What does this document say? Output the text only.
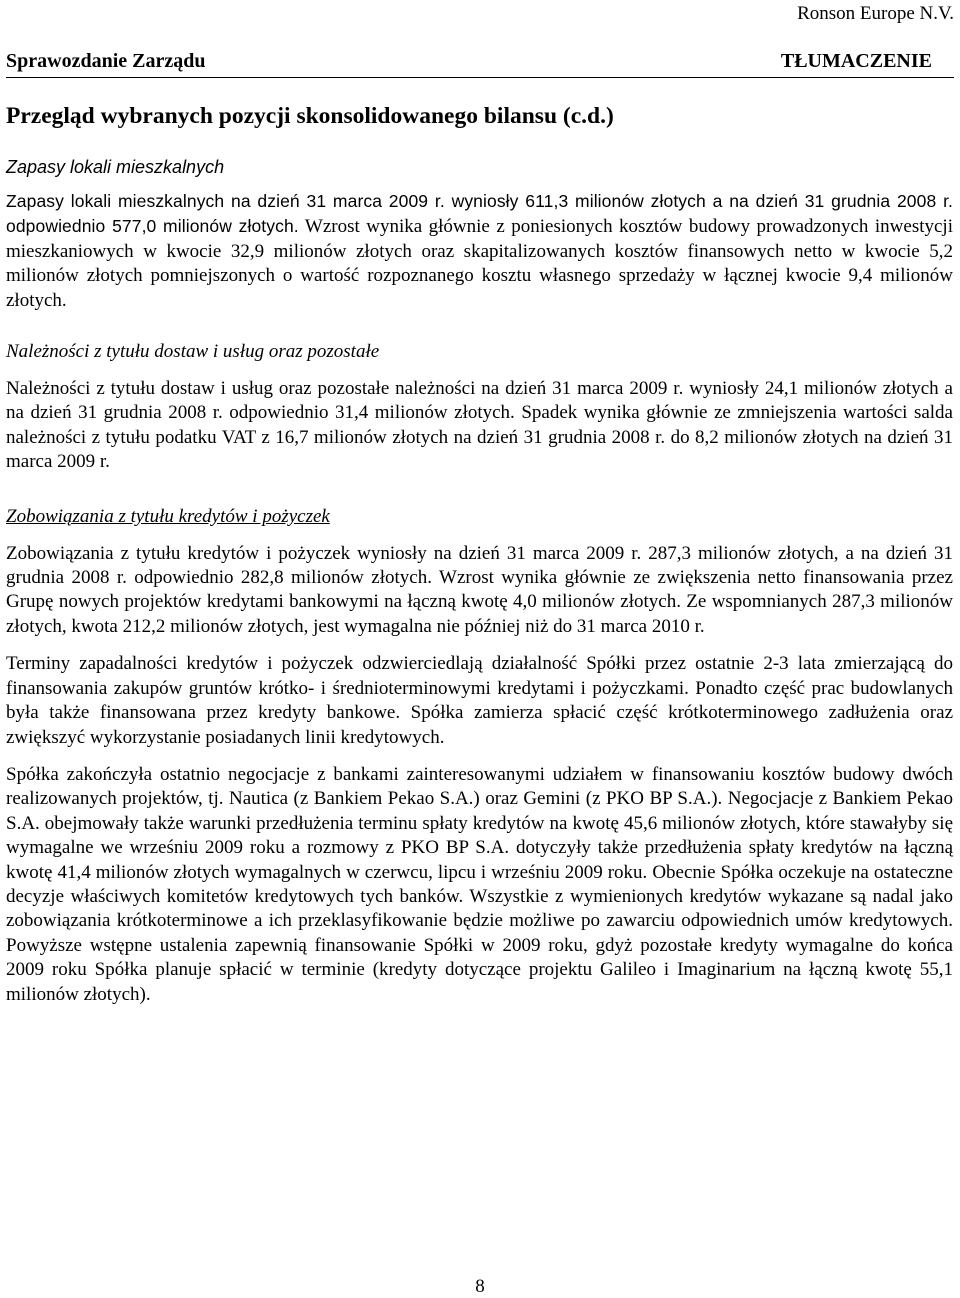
Ronson Europe N.V.
Sprawozdanie Zarządu	TŁUMACZENIE
Przegląd wybranych pozycji skonsolidowanego bilansu (c.d.)

Zapasy lokali mieszkalnych

Zapasy lokali mieszkalnych na dzień 31 marca 2009 r. wyniosły 611,3 milionów złotych a na dzień 31 grudnia 2008 r. odpowiednio 577,0 milionów złotych. Wzrost wynika głównie z poniesionych kosztów budowy prowadzonych inwestycji mieszkaniowych w kwocie 32,9 milionów złotych oraz skapitalizowanych kosztów finansowych netto w kwocie 5,2 milionów złotych pomniejszonych o wartość rozpoznanego kosztu własnego sprzedaży w łącznej kwocie 9,4 milionów złotych.

Należności z tytułu dostaw i usług oraz pozostałe

Należności z tytułu dostaw i usług oraz pozostałe należności na dzień 31 marca 2009 r. wyniosły 24,1 milionów złotych a na dzień 31 grudnia 2008 r. odpowiednio 31,4 milionów złotych. Spadek wynika głównie ze zmniejszenia wartości salda należności z tytułu podatku VAT z 16,7 milionów złotych na dzień 31 grudnia 2008 r. do 8,2 milionów złotych na dzień 31 marca 2009 r.

Zobowiązania z tytułu kredytów i pożyczek

Zobowiązania z tytułu kredytów i pożyczek wyniosły na dzień 31 marca 2009 r. 287,3 milionów złotych, a na dzień 31 grudnia 2008 r. odpowiednio 282,8 milionów złotych. Wzrost wynika głównie ze zwiększenia netto finansowania przez Grupę nowych projektów kredytami bankowymi na łączną kwotę 4,0 milionów złotych. Ze wspomnianych 287,3 milionów złotych, kwota 212,2 milionów złotych, jest wymagalna nie później niż do 31 marca 2010 r.

Terminy zapadalności kredytów i pożyczek odzwierciedlają działalność Spółki przez ostatnie 2-3 lata zmierzającą do finansowania zakupów gruntów krótko- i średnioterminowymi kredytami i pożyczkami. Ponadto część prac budowlanych była także finansowana przez kredyty bankowe. Spółka zamierza spłacić część krótkoterminowego zadłużenia oraz zwiększyć wykorzystanie posiadanych linii kredytowych.

Spółka zakończyła ostatnio negocjacje z bankami zainteresowanymi udziałem w finansowaniu kosztów budowy dwóch realizowanych projektów, tj. Nautica (z Bankiem Pekao S.A.) oraz Gemini (z PKO BP S.A.). Negocjacje z Bankiem Pekao S.A. obejmowały także warunki przedłużenia terminu spłaty kredytów na kwotę 45,6 milionów złotych, które stawałyby się wymagalne we wrześniu 2009 roku a rozmowy z PKO BP S.A. dotyczyły także przedłużenia spłaty kredytów na łączną kwotę 41,4 milionów złotych wymagalnych w czerwcu, lipcu i wrześniu 2009 roku. Obecnie Spółka oczekuje na ostateczne decyzje właściwych komitetów kredytowych tych banków. Wszystkie z wymienionych kredytów wykazane są nadal jako zobowiązania krótkoterminowe a ich przeklasyfikowanie będzie możliwe po zawarciu odpowiednich umów kredytowych. Powyższe wstępne ustalenia zapewnią finansowanie Spółki w 2009 roku, gdyż pozostałe kredyty wymagalne do końca 2009 roku Spółka planuje spłacić w terminie (kredyty dotyczące projektu Galileo i Imaginarium na łączną kwotę 55,1 milionów złotych).

8
